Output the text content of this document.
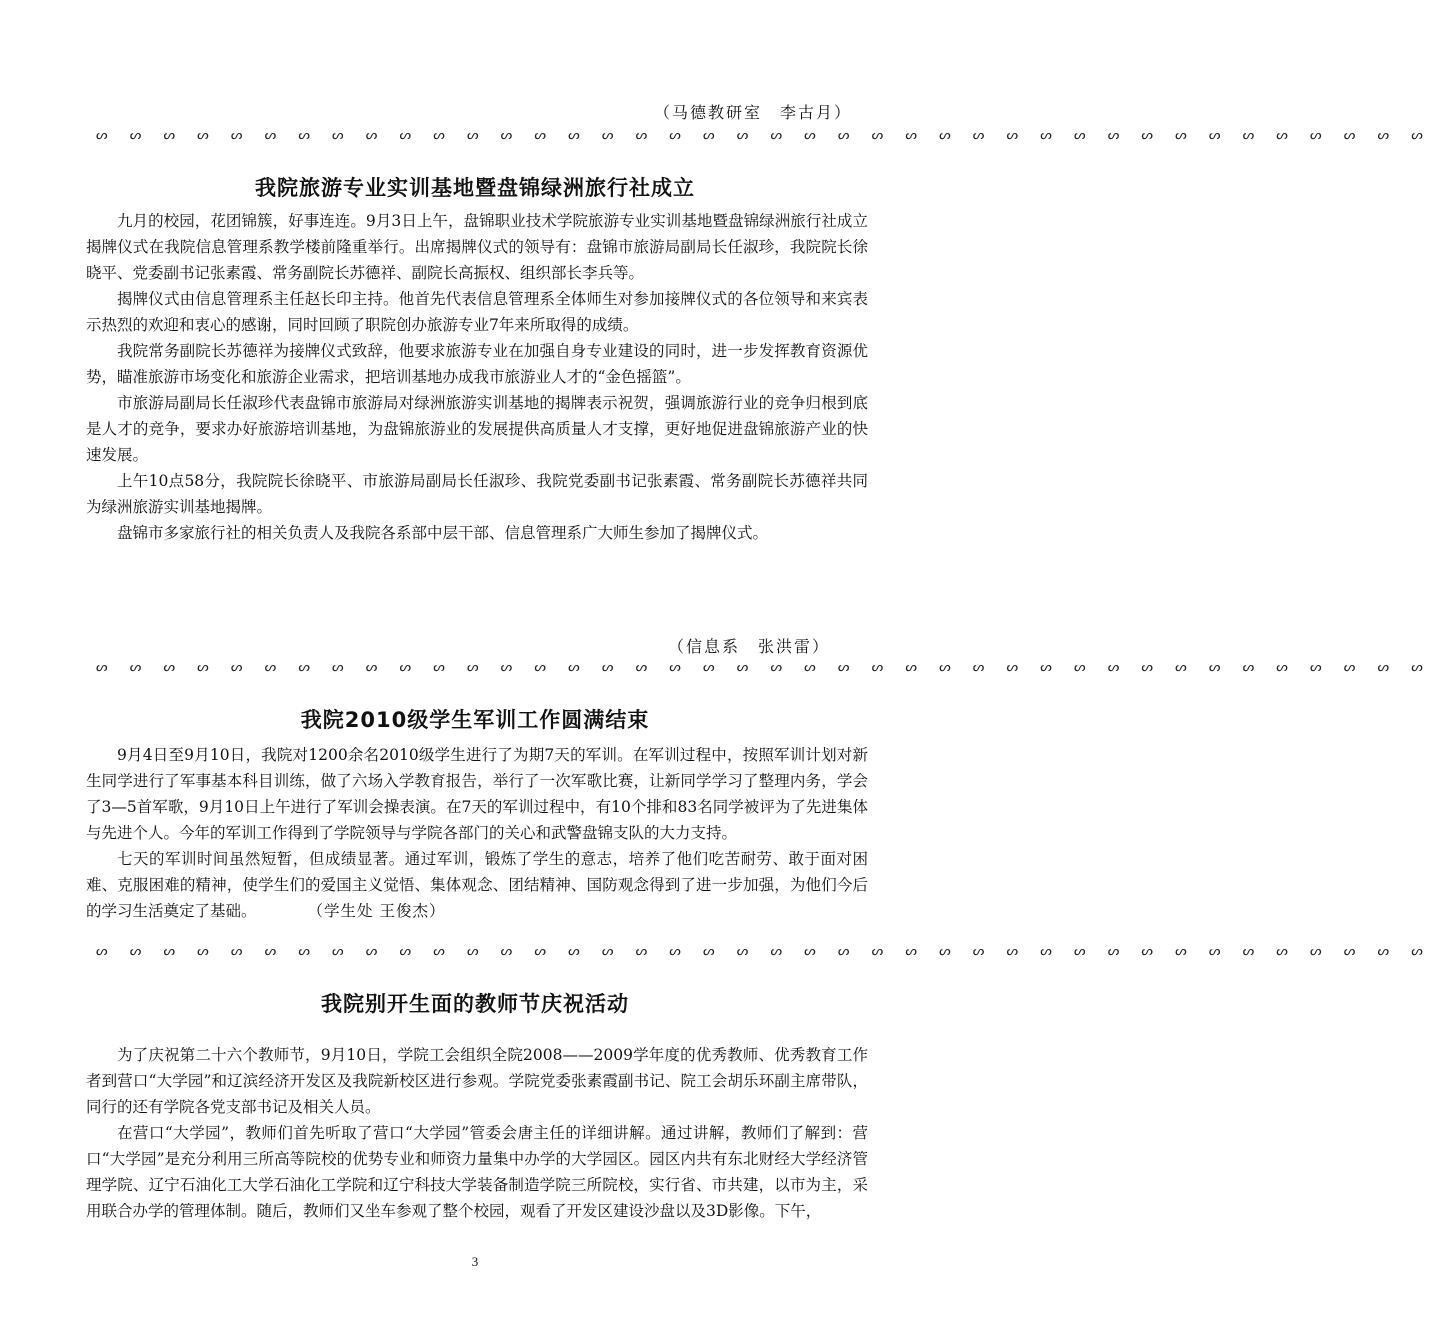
（马德教研室　李古月）
ᔕ ᔕ ᔕ ᔕ ᔕ ᔕ ᔕ ᔕ ᔕ ᔕ ᔕ ᔕ ᔕ ᔕ ᔕ ᔕ ᔕ ᔕ ᔕ ᔕ ᔕ ᔕ ᔕ ᔕ ᔕ ᔕ ᔕ ᔕ ᔕ ᔕ ᔕ ᔕ ᔕ ᔕ ᔕ ᔕ ᔕ ᔕ ᔕ ᔕ
我院旅游专业实训基地暨盘锦绿洲旅行社成立

九月的校园，花团锦簇，好事连连。9月3日上午，盘锦职业技术学院旅游专业实训基地暨盘锦绿洲旅行社成立揭牌仪式在我院信息管理系教学楼前隆重举行。出席揭牌仪式的领导有：盘锦市旅游局副局长任淑珍，我院院长徐晓平、党委副书记张素霞、常务副院长苏德祥、副院长高振权、组织部长李兵等。

揭牌仪式由信息管理系主任赵长印主持。他首先代表信息管理系全体师生对参加接牌仪式的各位领导和来宾表示热烈的欢迎和衷心的感谢，同时回顾了职院创办旅游专业7年来所取得的成绩。

我院常务副院长苏德祥为接牌仪式致辞，他要求旅游专业在加强自身专业建设的同时，进一步发挥教育资源优势，瞄准旅游市场变化和旅游企业需求，把培训基地办成我市旅游业人才的“金色摇篮”。

市旅游局副局长任淑珍代表盘锦市旅游局对绿洲旅游实训基地的揭牌表示祝贺，强调旅游行业的竞争归根到底是人才的竞争，要求办好旅游培训基地，为盘锦旅游业的发展提供高质量人才支撑，更好地促进盘锦旅游产业的快速发展。

上午10点58分，我院院长徐晓平、市旅游局副局长任淑珍、我院党委副书记张素霞、常务副院长苏德祥共同为绿洲旅游实训基地揭牌。

盘锦市多家旅行社的相关负责人及我院各系部中层干部、信息管理系广大师生参加了揭牌仪式。

（信息系　张洪雷）
ᔕ ᔕ ᔕ ᔕ ᔕ ᔕ ᔕ ᔕ ᔕ ᔕ ᔕ ᔕ ᔕ ᔕ ᔕ ᔕ ᔕ ᔕ ᔕ ᔕ ᔕ ᔕ ᔕ ᔕ ᔕ ᔕ ᔕ ᔕ ᔕ ᔕ ᔕ ᔕ ᔕ ᔕ ᔕ ᔕ ᔕ ᔕ ᔕ ᔕ
我院2010级学生军训工作圆满结束

9月4日至9月10日，我院对1200余名2010级学生进行了为期7天的军训。在军训过程中，按照军训计划对新生同学进行了军事基本科目训练，做了六场入学教育报告，举行了一次军歌比赛，让新同学学习了整理内务，学会了3—5首军歌，9月10日上午进行了军训会操表演。在7天的军训过程中，有10个排和83名同学被评为了先进集体与先进个人。今年的军训工作得到了学院领导与学院各部门的关心和武警盘锦支队的大力支持。

七天的军训时间虽然短暂，但成绩显著。通过军训，锻炼了学生的意志，培养了他们吃苦耐劳、敢于面对困难、克服困难的精神，使学生们的爱国主义觉悟、集体观念、团结精神、国防观念得到了进一步加强，为他们今后的学习生活奠定了基础。	（学生处 王俊杰）

ᔕ ᔕ ᔕ ᔕ ᔕ ᔕ ᔕ ᔕ ᔕ ᔕ ᔕ ᔕ ᔕ ᔕ ᔕ ᔕ ᔕ ᔕ ᔕ ᔕ ᔕ ᔕ ᔕ ᔕ ᔕ ᔕ ᔕ ᔕ ᔕ ᔕ ᔕ ᔕ ᔕ ᔕ ᔕ ᔕ ᔕ ᔕ ᔕ ᔕ
我院别开生面的教师节庆祝活动

为了庆祝第二十六个教师节，9月10日，学院工会组织全院2008——2009学年度的优秀教师、优秀教育工作者到营口“大学园”和辽滨经济开发区及我院新校区进行参观。学院党委张素霞副书记、院工会胡乐环副主席带队，同行的还有学院各党支部书记及相关人员。

在营口“大学园”，教师们首先听取了营口“大学园”管委会唐主任的详细讲解。通过讲解，教师们了解到：营口“大学园”是充分利用三所高等院校的优势专业和师资力量集中办学的大学园区。园区内共有东北财经大学经济管理学院、辽宁石油化工大学石油化工学院和辽宁科技大学装备制造学院三所院校，实行省、市共建，以市为主，采用联合办学的管理体制。随后，教师们又坐车参观了整个校园，观看了开发区建设沙盘以及3D影像。下午，

3
